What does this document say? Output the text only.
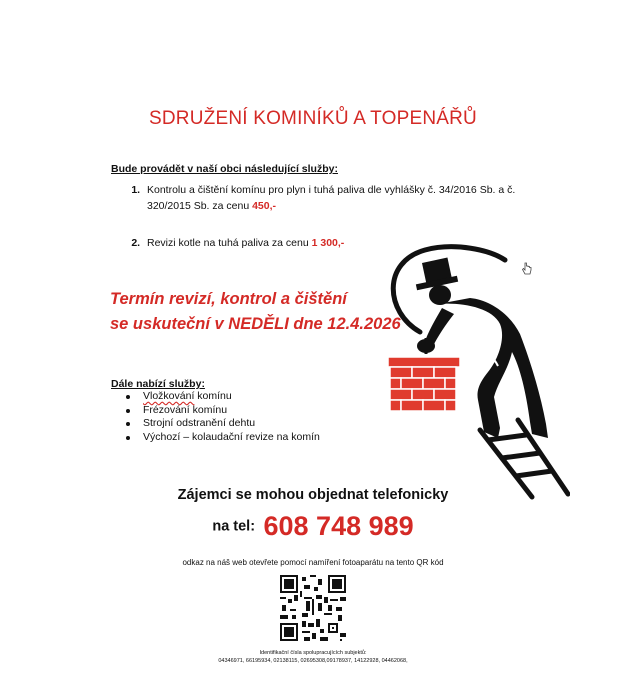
SDRUŽENÍ KOMINÍKŮ A TOPENÁŘŮ
Bude provádět v naší obci následující služby:
1. Kontrolu a čištění komínu pro plyn i tuhá paliva dle vyhlášky č. 34/2016 Sb. a č. 320/2015 Sb. za cenu 450,-
2. Revizi kotle na tuhá paliva za cenu 1 300,-
Termín revizí, kontrol a čištění
se uskuteční v NEDĚLI dne 12.4.2026
Dále nabízí služby:
Vložkování komínu
Frézování komínu
Strojní odstranění dehtu
Výchozí – kolaudační revize na komín
Zájemci se mohou objednat telefonicky
na tel: 608 748 989
odkaz na náš web otevřete pomocí namíření fotoaparátu na tento QR kód
Identifikační čísla spolupracujících subjektů:
04346971, 66195934, 02138115, 02695308,09178937, 14122928, 04462068,
